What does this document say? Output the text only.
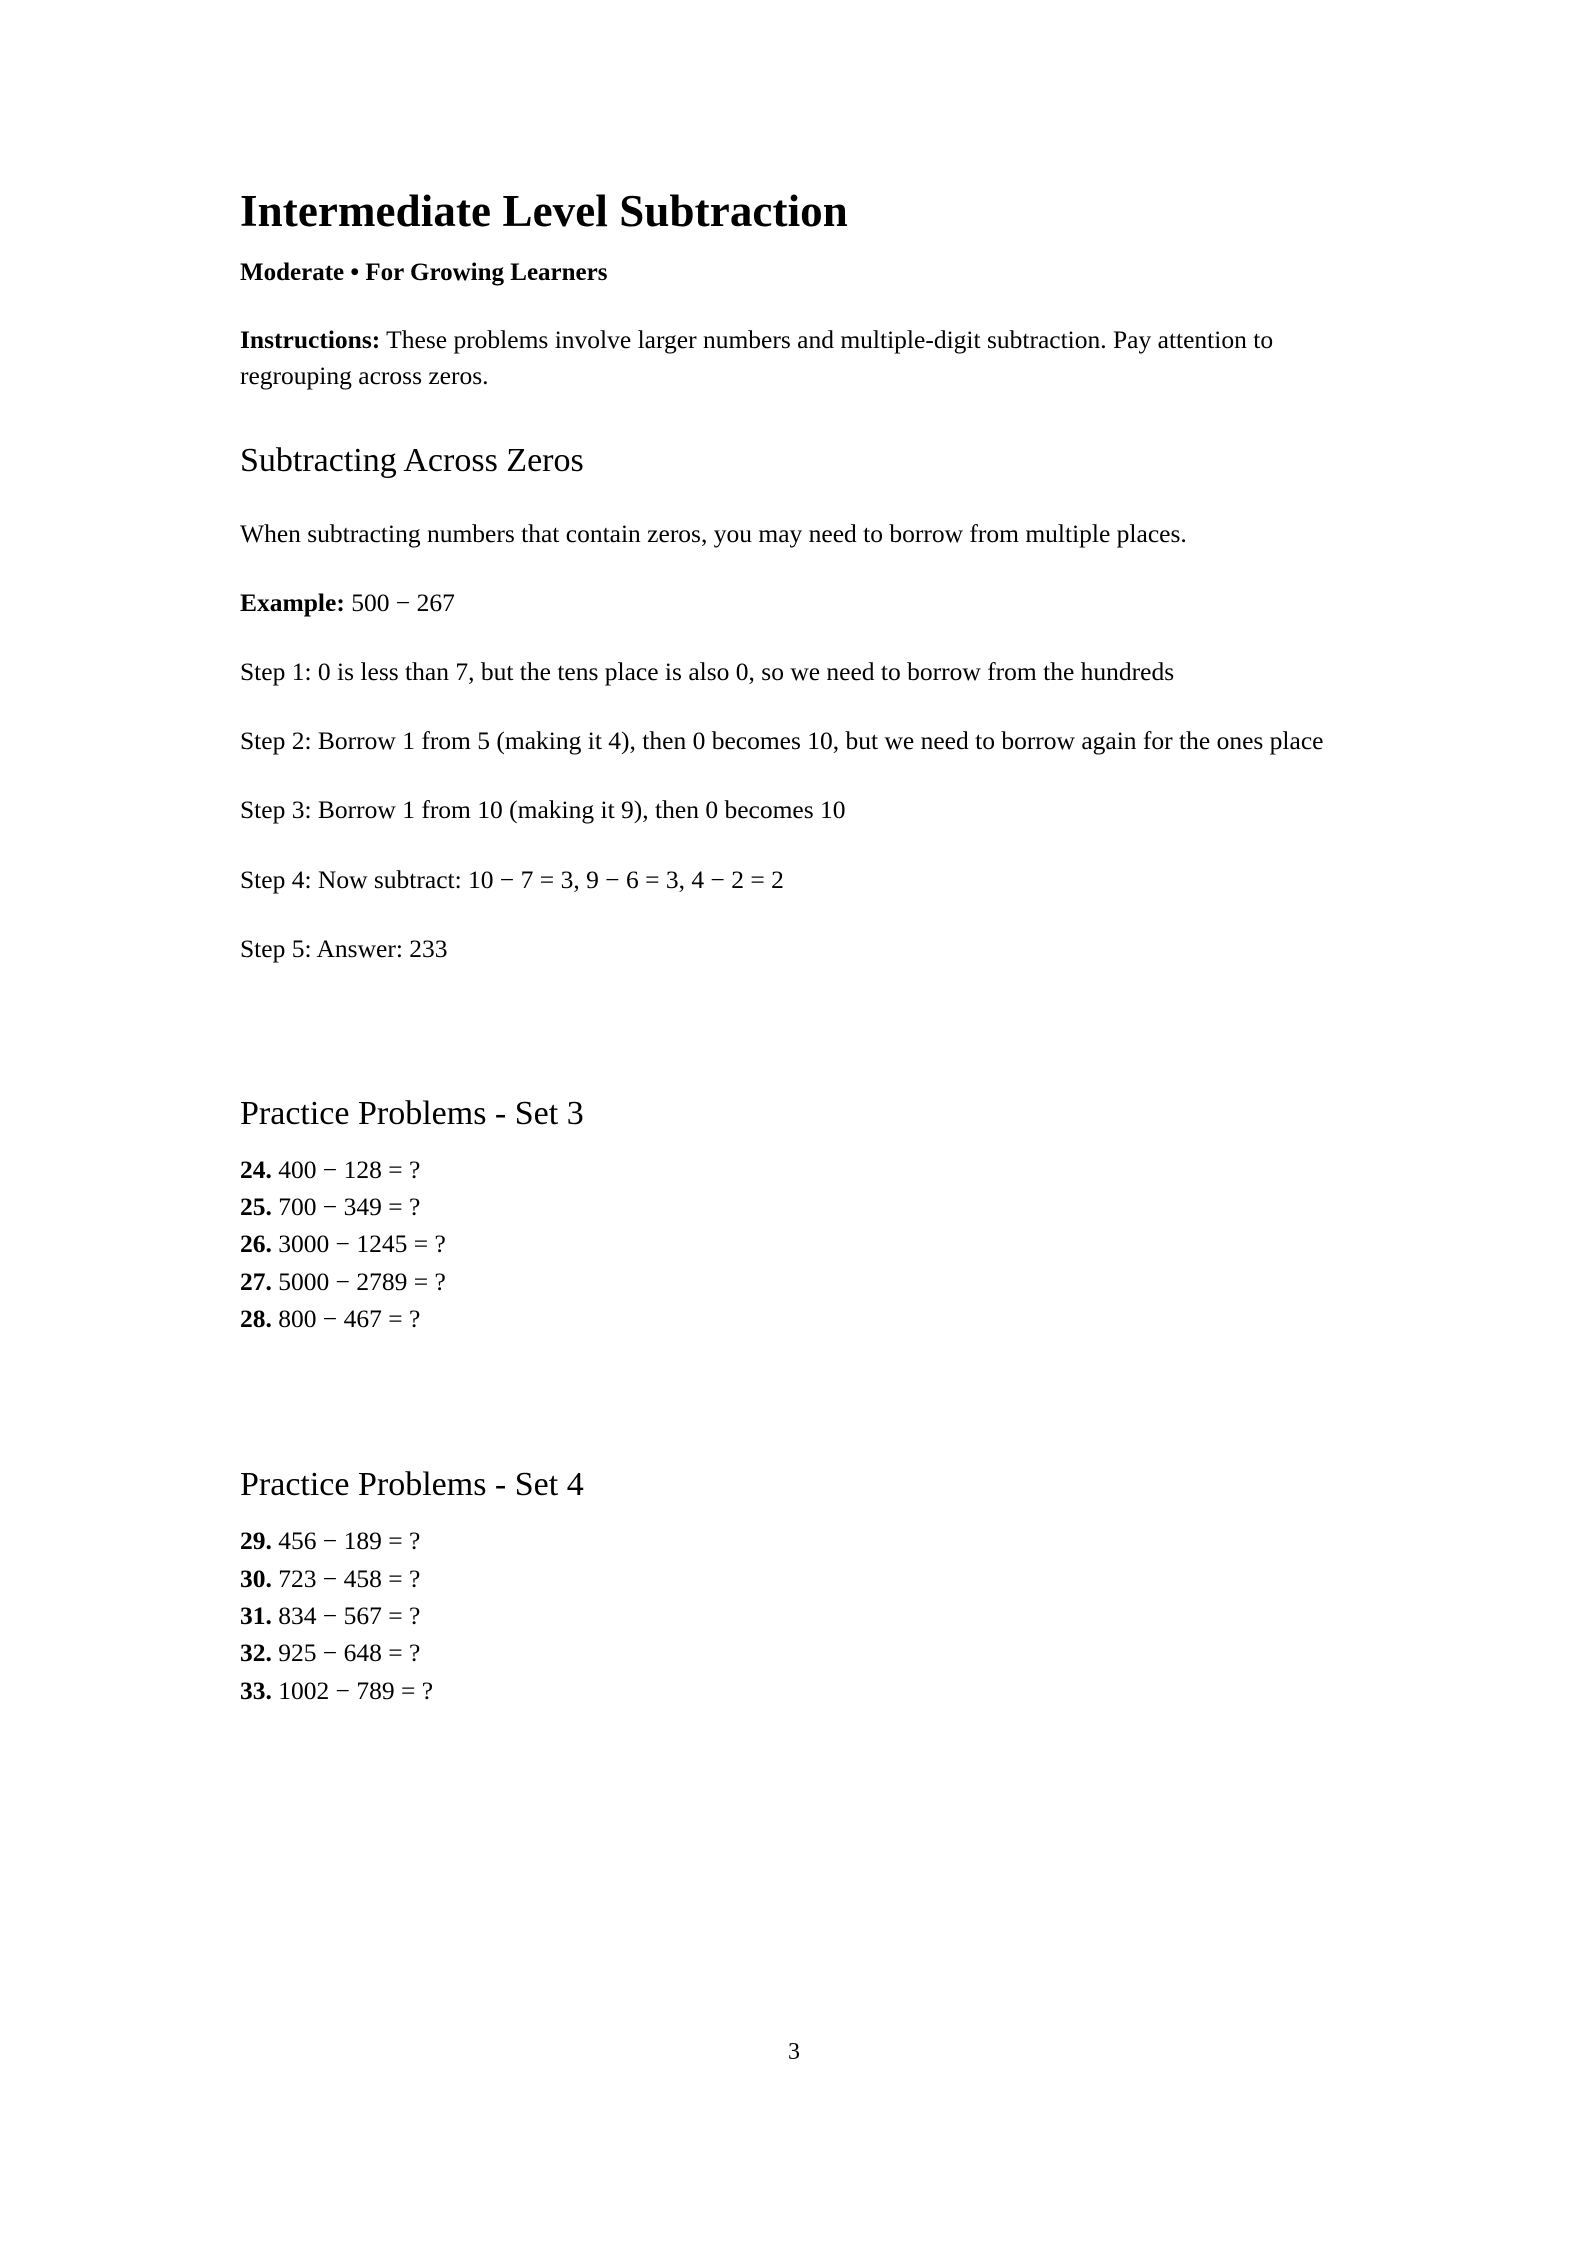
Intermediate Level Subtraction
Moderate • For Growing Learners

Instructions: These problems involve larger numbers and multiple-digit subtraction. Pay attention to regrouping across zeros.

Subtracting Across Zeros

When subtracting numbers that contain zeros, you may need to borrow from multiple places.

Example: 500 − 267

Step 1: 0 is less than 7, but the tens place is also 0, so we need to borrow from the hundreds

Step 2: Borrow 1 from 5 (making it 4), then 0 becomes 10, but we need to borrow again for the ones place

Step 3: Borrow 1 from 10 (making it 9), then 0 becomes 10

Step 4: Now subtract: 10 − 7 = 3, 9 − 6 = 3, 4 − 2 = 2

Step 5: Answer: 233

Practice Problems - Set 3
24. 400 − 128 = ?
25. 700 − 349 = ?
26. 3000 − 1245 = ?
27. 5000 − 2789 = ?
28. 800 − 467 = ?
Practice Problems - Set 4
29. 456 − 189 = ?
30. 723 − 458 = ?
31. 834 − 567 = ?
32. 925 − 648 = ?
33. 1002 − 789 = ?
3
